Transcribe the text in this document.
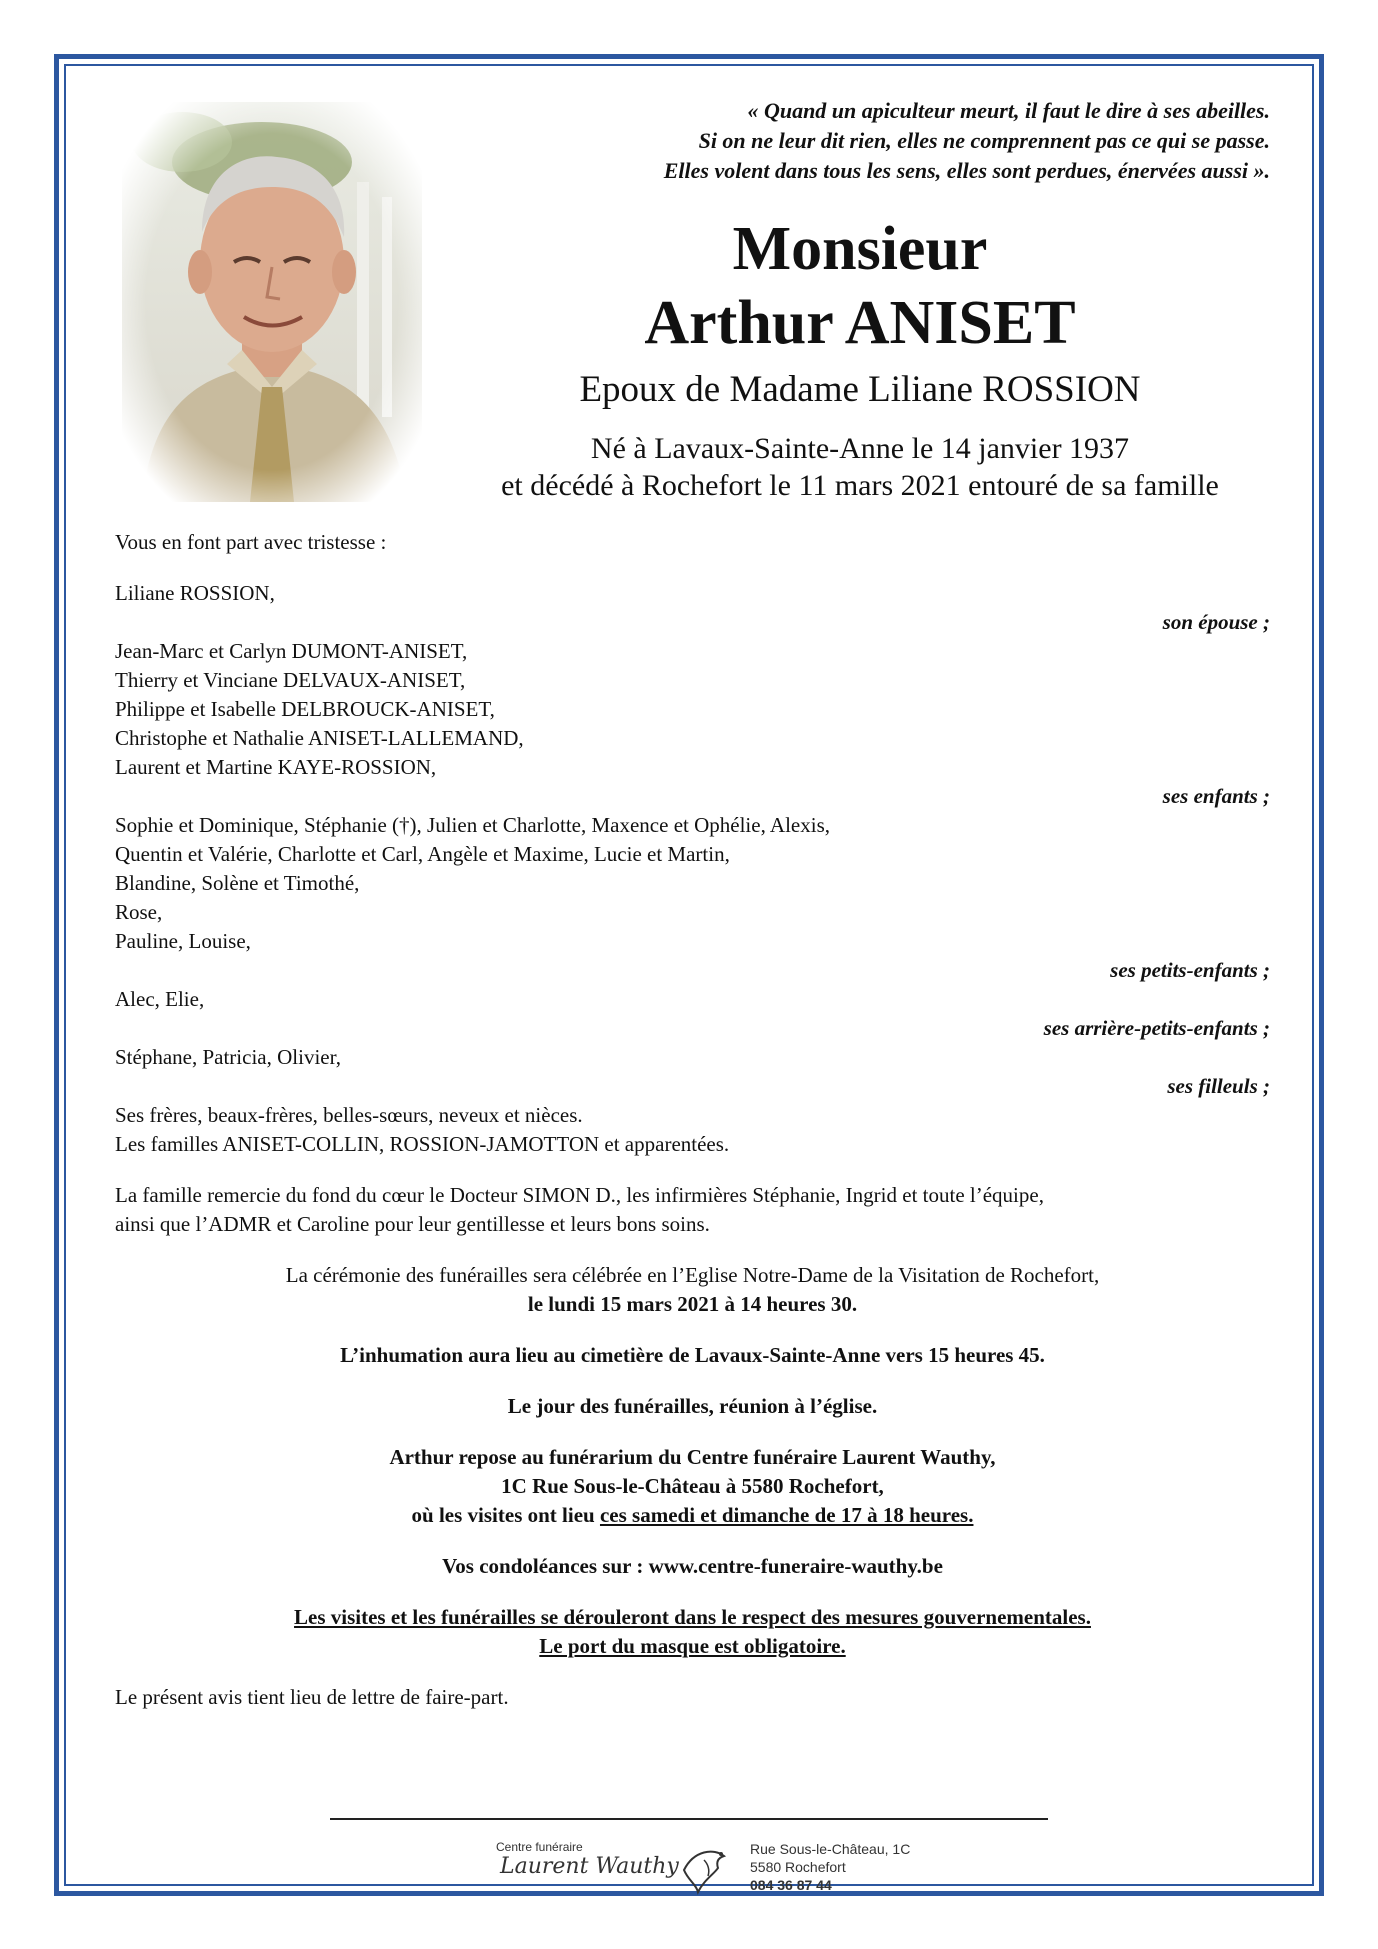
« Quand un apiculteur meurt, il faut le dire à ses abeilles.
Si on ne leur dit rien, elles ne comprennent pas ce qui se passe.
Elles volent dans tous les sens, elles sont perdues, énervées aussi ».
Monsieur
Arthur ANISET
Epoux de Madame Liliane ROSSION
Né à Lavaux-Sainte-Anne le 14 janvier 1937
et décédé à Rochefort le 11 mars 2021 entouré de sa famille
Vous en font part avec tristesse :
Liliane ROSSION,
son épouse ;
Jean-Marc et Carlyn DUMONT-ANISET,
Thierry et Vinciane DELVAUX-ANISET,
Philippe et Isabelle DELBROUCK-ANISET,
Christophe et Nathalie ANISET-LALLEMAND,
Laurent et Martine KAYE-ROSSION,
ses enfants ;
Sophie et Dominique, Stéphanie (†), Julien et Charlotte, Maxence et Ophélie, Alexis,
Quentin et Valérie, Charlotte et Carl, Angèle et Maxime, Lucie et Martin,
Blandine, Solène et Timothé,
Rose,
Pauline, Louise,
ses petits-enfants ;
Alec, Elie,
ses arrière-petits-enfants ;
Stéphane, Patricia, Olivier,
ses filleuls ;
Ses frères, beaux-frères, belles-sœurs, neveux et nièces.
Les familles ANISET-COLLIN, ROSSION-JAMOTTON et apparentées.
La famille remercie du fond du cœur le Docteur SIMON D., les infirmières Stéphanie, Ingrid et toute l’équipe,
ainsi que l’ADMR et Caroline pour leur gentillesse et leurs bons soins.
La cérémonie des funérailles sera célébrée en l’Eglise Notre-Dame de la Visitation de Rochefort,
le lundi 15 mars 2021 à 14 heures 30.
L’inhumation aura lieu au cimetière de Lavaux-Sainte-Anne vers 15 heures 45.
Le jour des funérailles, réunion à l’église.
Arthur repose au funérarium du Centre funéraire Laurent Wauthy,
1C Rue Sous-le-Château à 5580 Rochefort,
où les visites ont lieu ces samedi et dimanche de 17 à 18 heures.
Vos condoléances sur : www.centre-funeraire-wauthy.be
Les visites et les funérailles se dérouleront dans le respect des mesures gouvernementales.
Le port du masque est obligatoire.
Le présent avis tient lieu de lettre de faire-part.
Centre funéraire
Laurent Wauthy
Rue Sous-le-Château, 1C
5580 Rochefort
084 36 87 44
